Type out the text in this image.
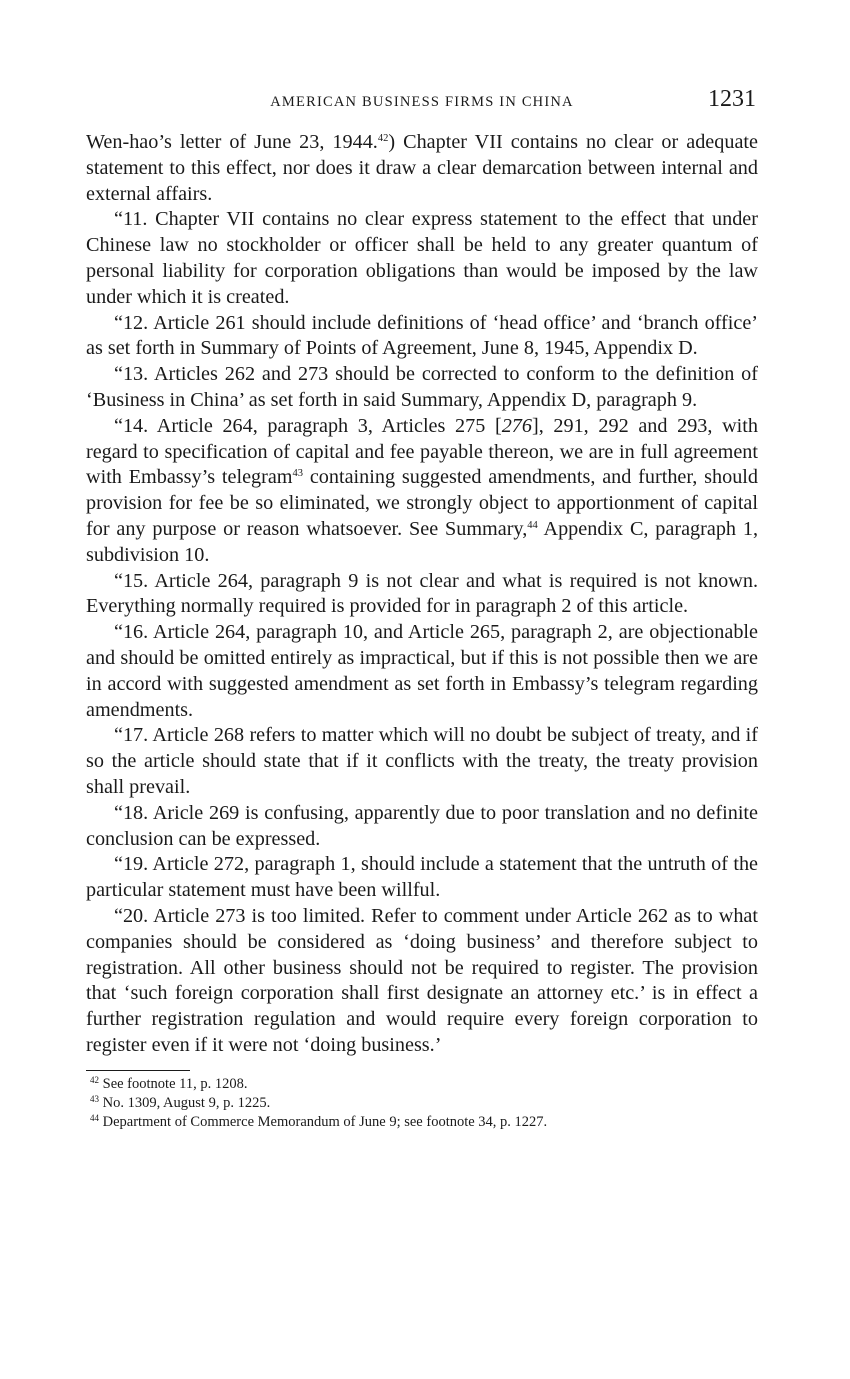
AMERICAN BUSINESS FIRMS IN CHINA	1231

Wen-hao’s letter of June 23, 1944.42) Chapter VII contains no clear or adequate statement to this effect, nor does it draw a clear demarcation between internal and external affairs.

“11. Chapter VII contains no clear express statement to the effect that under Chinese law no stockholder or officer shall be held to any greater quantum of personal liability for corporation obligations than would be imposed by the law under which it is created.

“12. Article 261 should include definitions of ‘head office’ and ‘branch office’ as set forth in Summary of Points of Agreement, June 8, 1945, Appendix D.

“13. Articles 262 and 273 should be corrected to conform to the definition of ‘Business in China’ as set forth in said Summary, Appendix D, paragraph 9.

“14. Article 264, paragraph 3, Articles 275 [276], 291, 292 and 293, with regard to specification of capital and fee payable thereon, we are in full agreement with Embassy’s telegram$^{43}$ containing suggested amendments, and further, should provision for fee be so eliminated, we strongly object to apportionment of capital for any purpose or reason whatsoever. See Summary,$^{44}$ Appendix C, paragraph 1, subdivision 10.

“15. Article 264, paragraph 9 is not clear and what is required is not known. Everything normally required is provided for in paragraph 2 of this article.

“16. Article 264, paragraph 10, and Article 265, paragraph 2, are objectionable and should be omitted entirely as impractical, but if this is not possible then we are in accord with suggested amendment as set forth in Embassy’s telegram regarding amendments.

“17. Article 268 refers to matter which will no doubt be subject of treaty, and if so the article should state that if it conflicts with the treaty, the treaty provision shall prevail.

“18. Aricle 269 is confusing, apparently due to poor translation and no definite conclusion can be expressed.

“19. Article 272, paragraph 1, should include a statement that the untruth of the particular statement must have been willful.

“20. Article 273 is too limited. Refer to comment under Article 262 as to what companies should be considered as ‘doing business’ and therefore subject to registration. All other business should not be required to register. The provision that ‘such foreign corporation shall first designate an attorney etc.’ is in effect a further registration regulation and would require every foreign corporation to register even if it were not ‘doing business.’

$^{42}$ See footnote 11, p. 1208.

$^{43}$ No. 1309, August 9, p. 1225.

$^{44}$ Department of Commerce Memorandum of June 9; see footnote 34, p. 1227.
